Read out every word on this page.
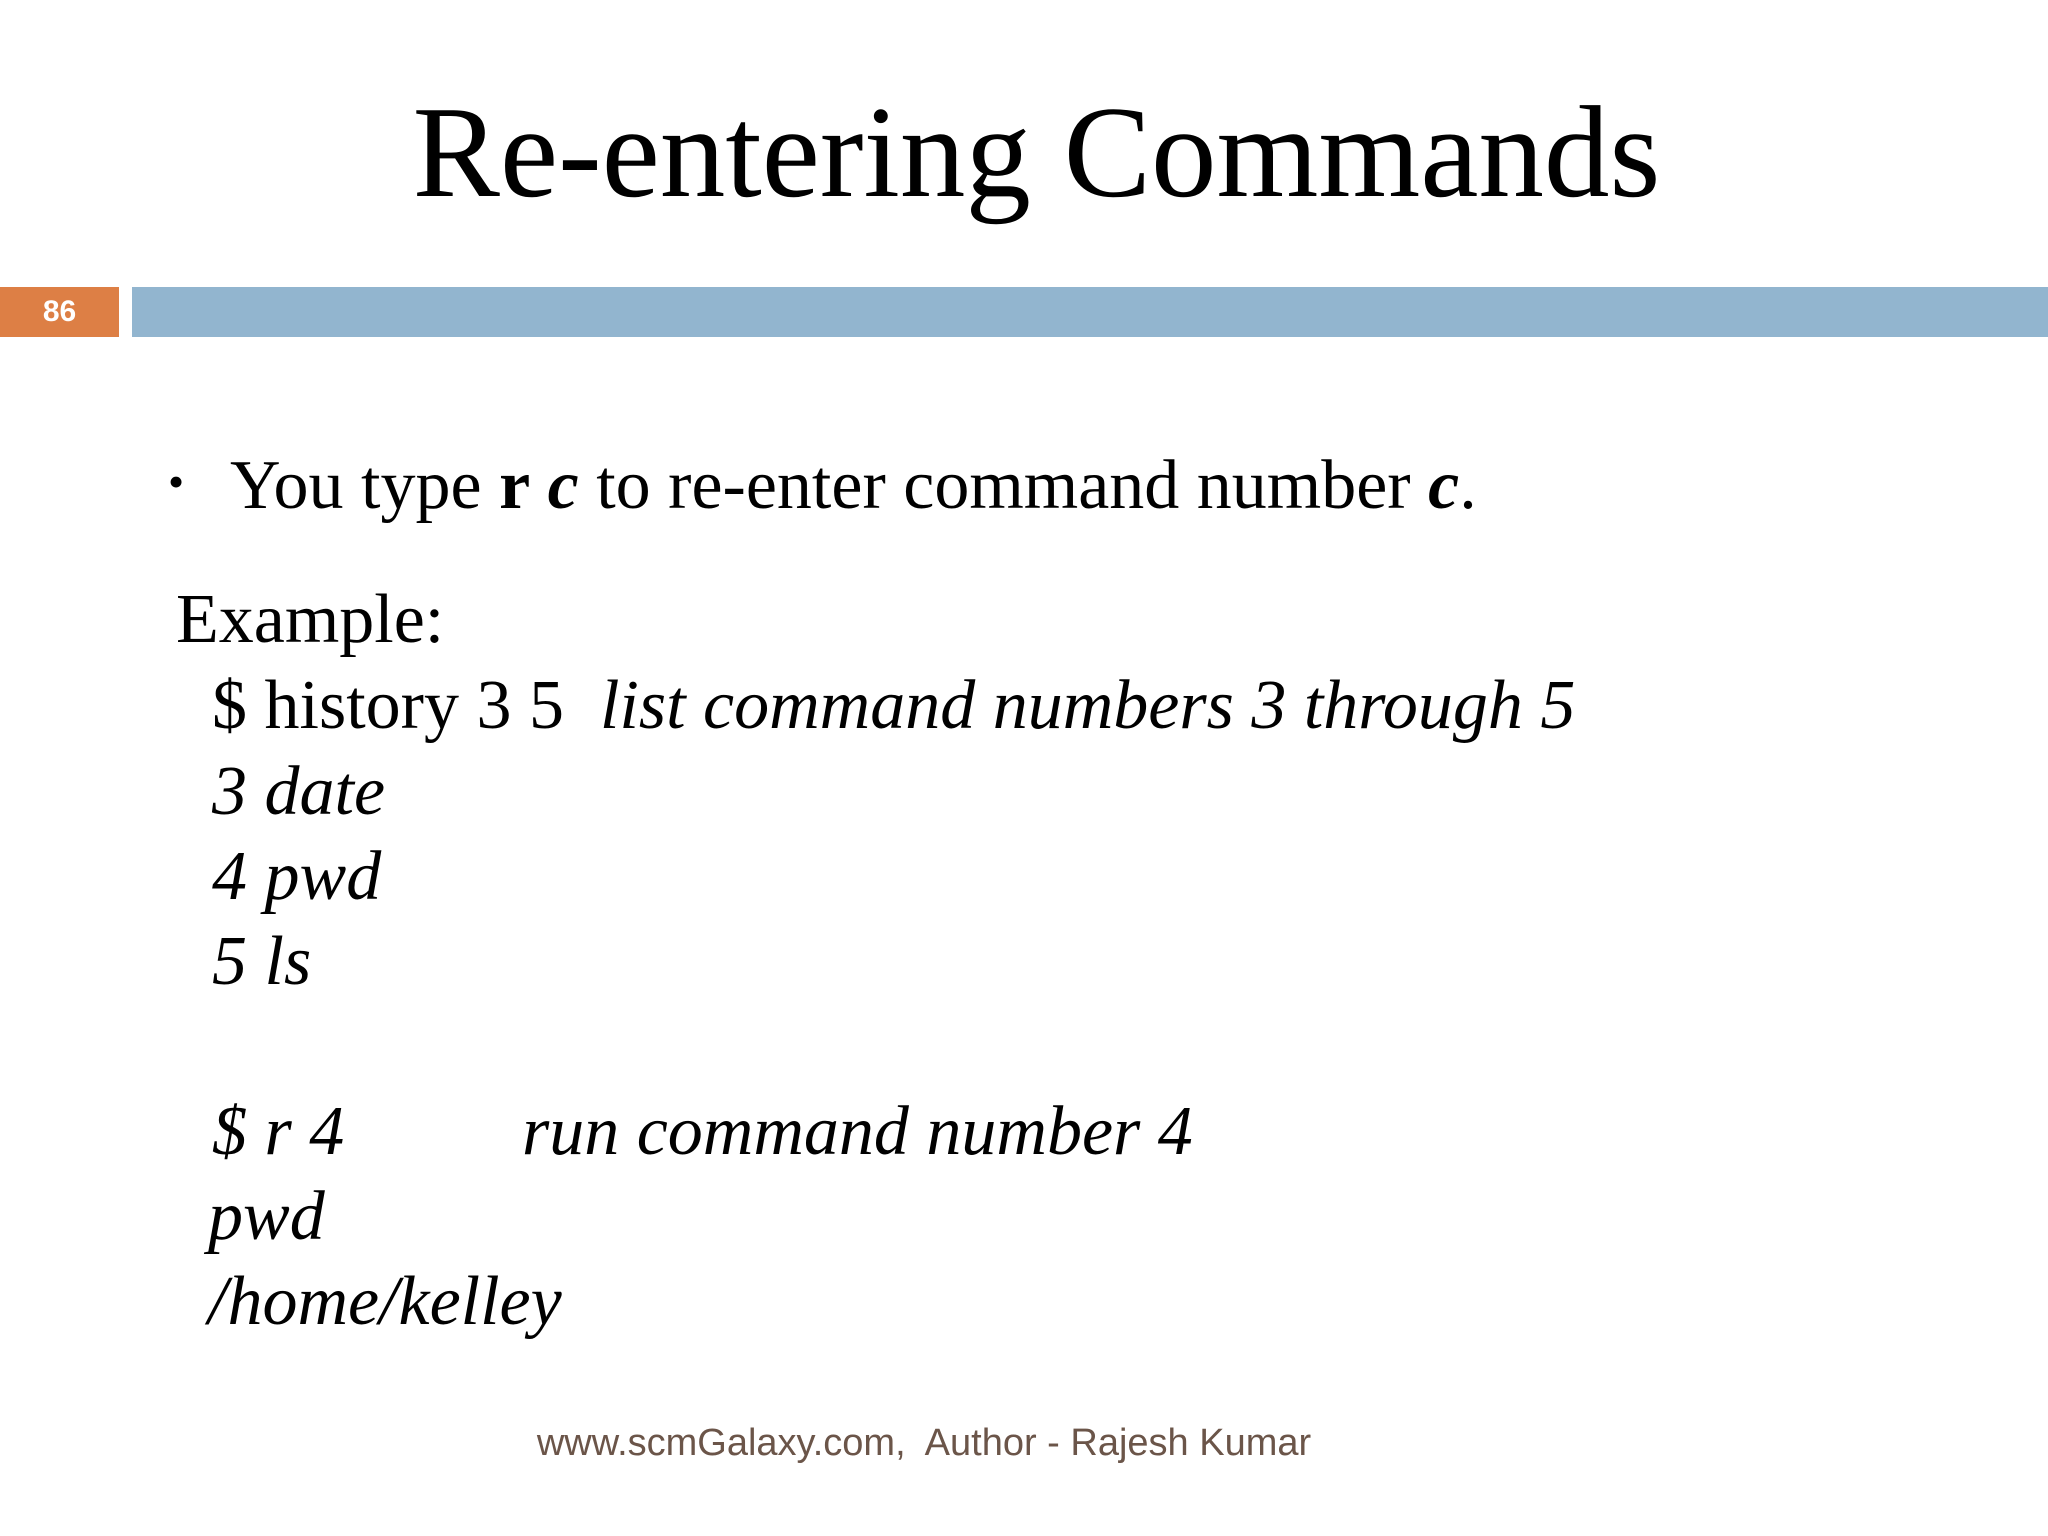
Re-entering Commands
86
• You type r c to re-enter command number c.
Example:
$ history 3 5 list command numbers 3 through 5
3 date
4 pwd
5 ls
$ r 4	run command number 4
pwd
/home/kelley
www.scmGalaxy.com,  Author - Rajesh Kumar
